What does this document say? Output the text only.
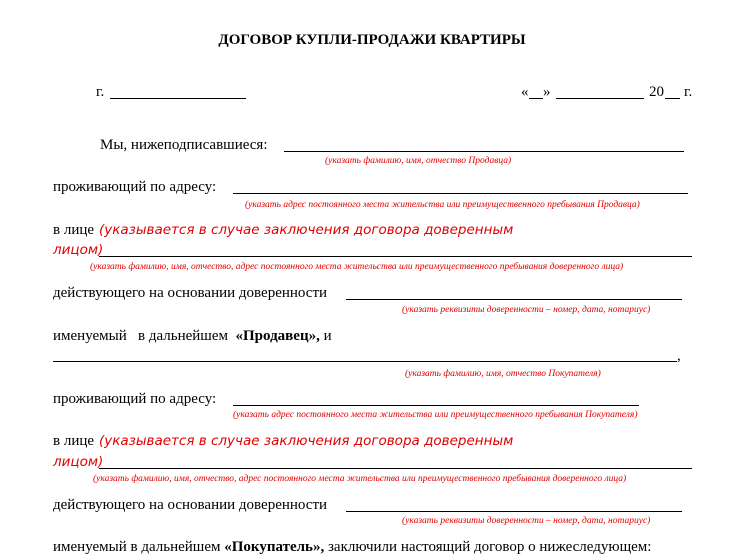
ДОГОВОР КУПЛИ-ПРОДАЖИ КВАРТИРЫ
г.	« »	20 г.
Мы, нижеподписавшиеся:
(указать фамилию, имя, отчество Продавца)
проживающий по адресу:
(указать адрес постоянного места жительства или преимущественного пребывания Продавца)
в лице (указывается в случае заключения договора доверенным
лицом)
(указать фамилию, имя, отчество, адрес постоянного места жительства или преимущественного пребывания доверенного лица)
действующего на основании доверенности
(указать реквизиты доверенности – номер, дата, нотариус)
именуемый   в дальнейшем  «Продавец», и
,
(указать фамилию, имя, отчество Покупателя)
проживающий по адресу:
(указать адрес постоянного места жительства или преимущественного пребывания Покупателя)
в лице (указывается в случае заключения договора доверенным
лицом)
(указать фамилию, имя, отчество, адрес постоянного места жительства или преимущественного пребывания доверенного лица)
действующего на основании доверенности
(указать реквизиты доверенности – номер, дата, нотариус)
именуемый в дальнейшем «Покупатель», заключили настоящий договор о нижеследующем:
